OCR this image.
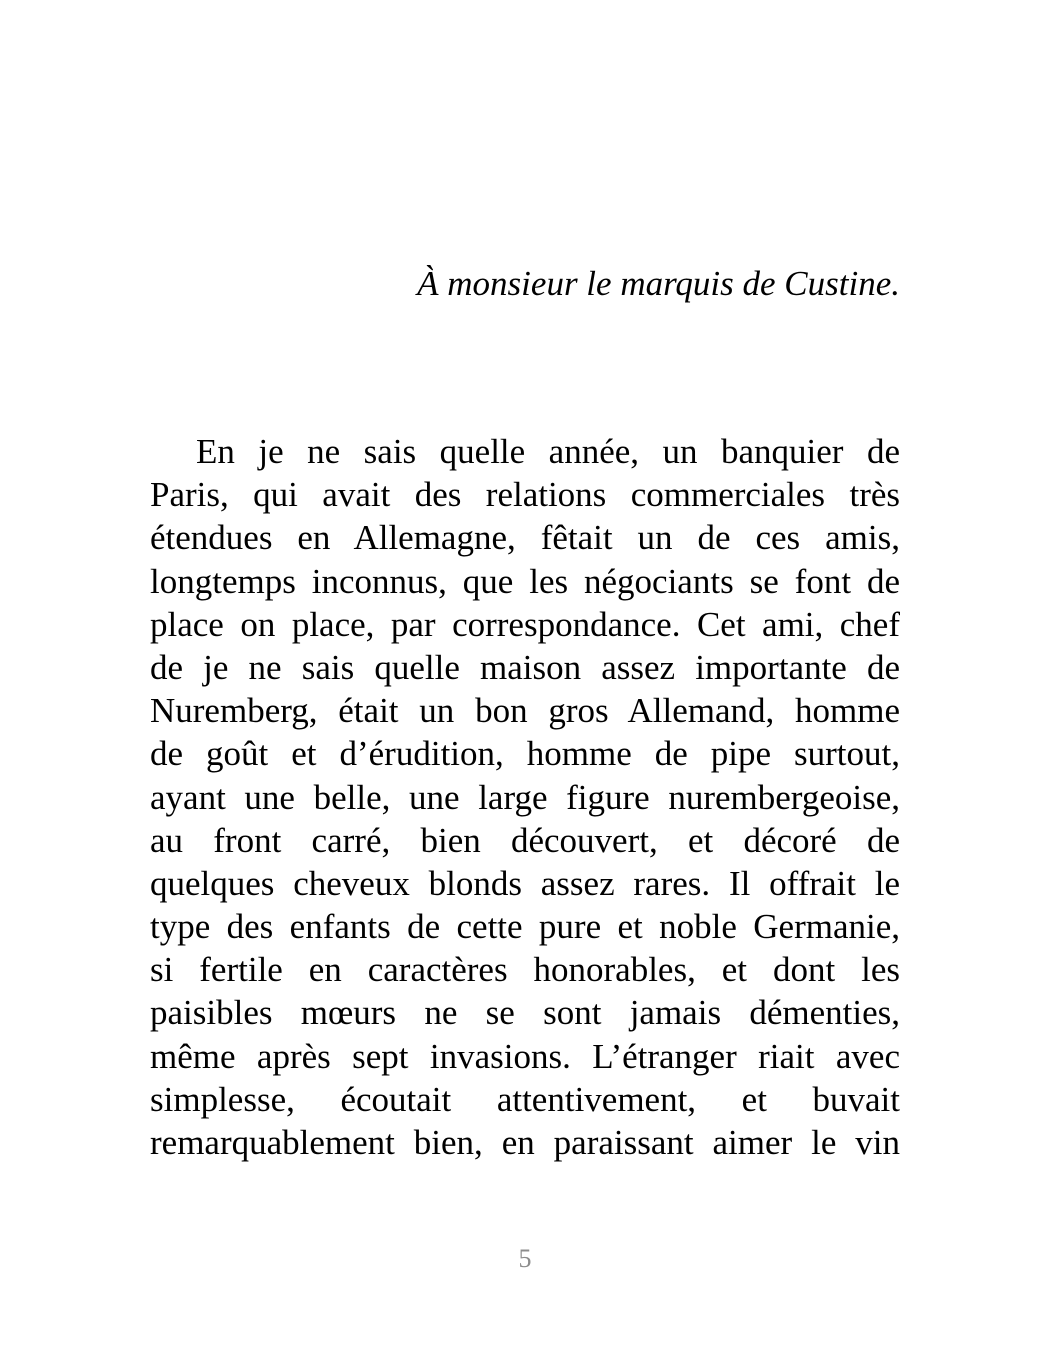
À monsieur le marquis de Custine.

En je ne sais quelle année, un banquier de
Paris, qui avait des relations commerciales très
étendues en Allemagne, fêtait un de ces amis,
longtemps inconnus, que les négociants se font de
place on place, par correspondance. Cet ami, chef
de je ne sais quelle maison assez importante de
Nuremberg, était un bon gros Allemand, homme
de goût et d’érudition, homme de pipe surtout,
ayant une belle, une large figure nurembergeoise,
au front carré, bien découvert, et décoré de
quelques cheveux blonds assez rares. Il offrait le
type des enfants de cette pure et noble Germanie,
si fertile en caractères honorables, et dont les
paisibles mœurs ne se sont jamais démenties,
même après sept invasions. L’étranger riait avec
simplesse, écoutait attentivement, et buvait
remarquablement bien, en paraissant aimer le vin

5
